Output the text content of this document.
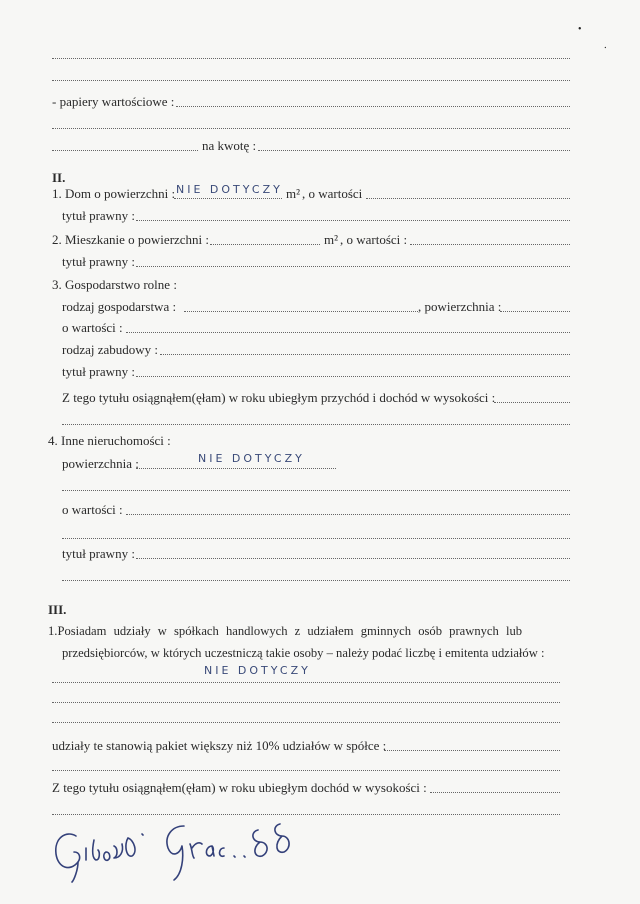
•
⸱
- papiery wartościowe :
na kwotę :
II.
1. Dom o powierzchni : NIE DOTYCZY m² , o wartości
tytuł prawny :
2. Mieszkanie o powierzchni :	m² , o wartości :
tytuł prawny :
3. Gospodarstwo rolne :
rodzaj gospodarstwa :	, powierzchnia :
o wartości :
rodzaj zabudowy :
tytuł prawny :
Z tego tytułu osiągnąłem(ęłam) w roku ubiegłym przychód i dochód w wysokości :
4. Inne nieruchomości :
powierzchnia :	NIE DOTYCZY
o wartości :
tytuł prawny :
III.
1.Posiadam udziały w spółkach handlowych z udziałem gminnych osób prawnych lub
przedsiębiorców, w których uczestniczą takie osoby – należy podać liczbę i emitenta udziałów :
NIE DOTYCZY
udziały te stanowią pakiet większy niż 10% udziałów w spółce :
Z tego tytułu osiągnąłem(ęłam) w roku ubiegłym dochód w wysokości :
